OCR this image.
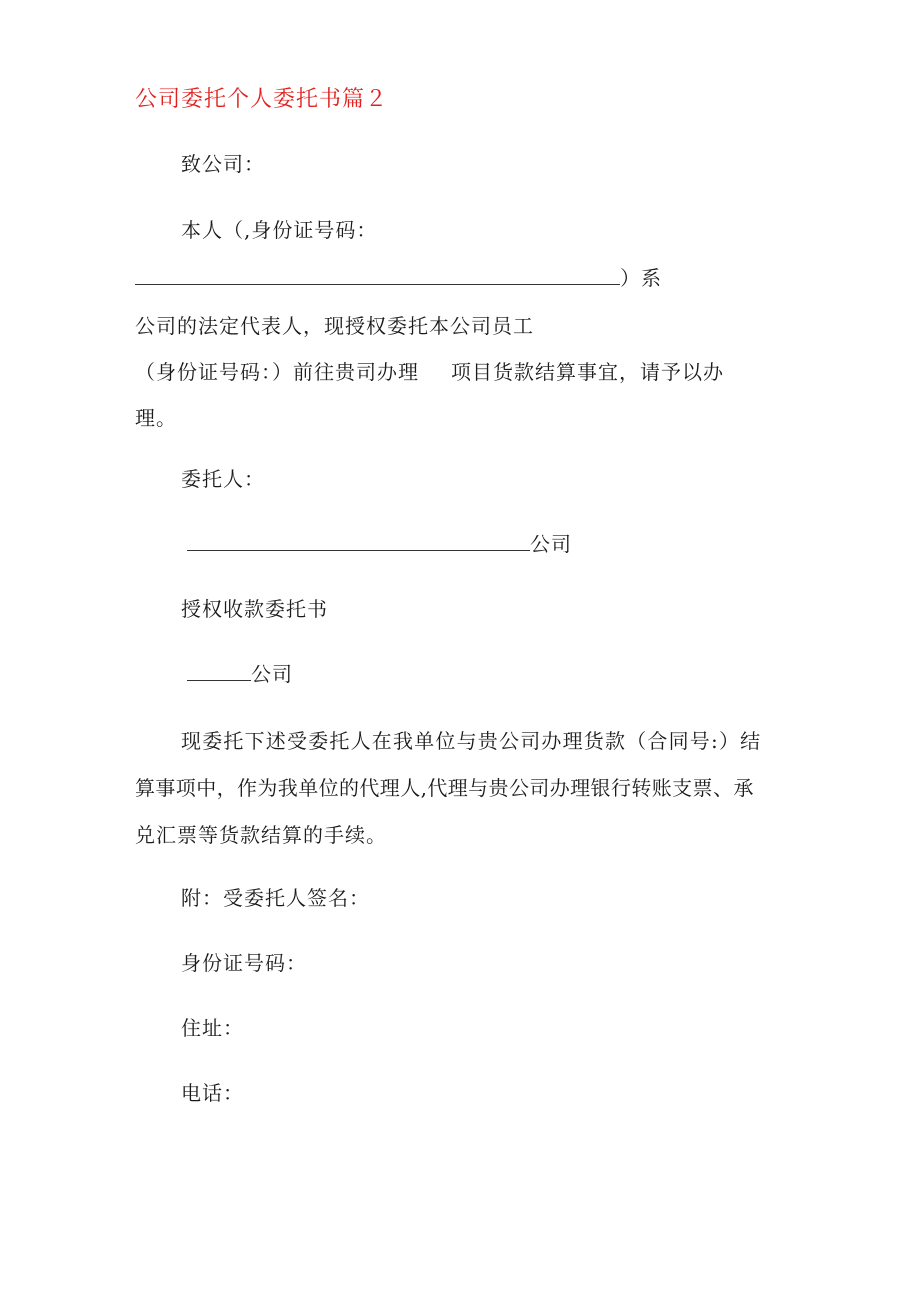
公司委托个人委托书篇２
致公司：
本人（,身份证号码：
）系
公司的法定代表人，现授权委托本公司员工
（身份证号码：）前往贵司办理 项目货款结算事宜，请予以办
理。
委托人：
公司
授权收款委托书
公司
现委托下述受委托人在我单位与贵公司办理货款（合同号:）结
算事项中，作为我单位的代理人,代理与贵公司办理银行转账支票、承
兑汇票等货款结算的手续。
附：受委托人签名：
身份证号码：
住址：
电话：
